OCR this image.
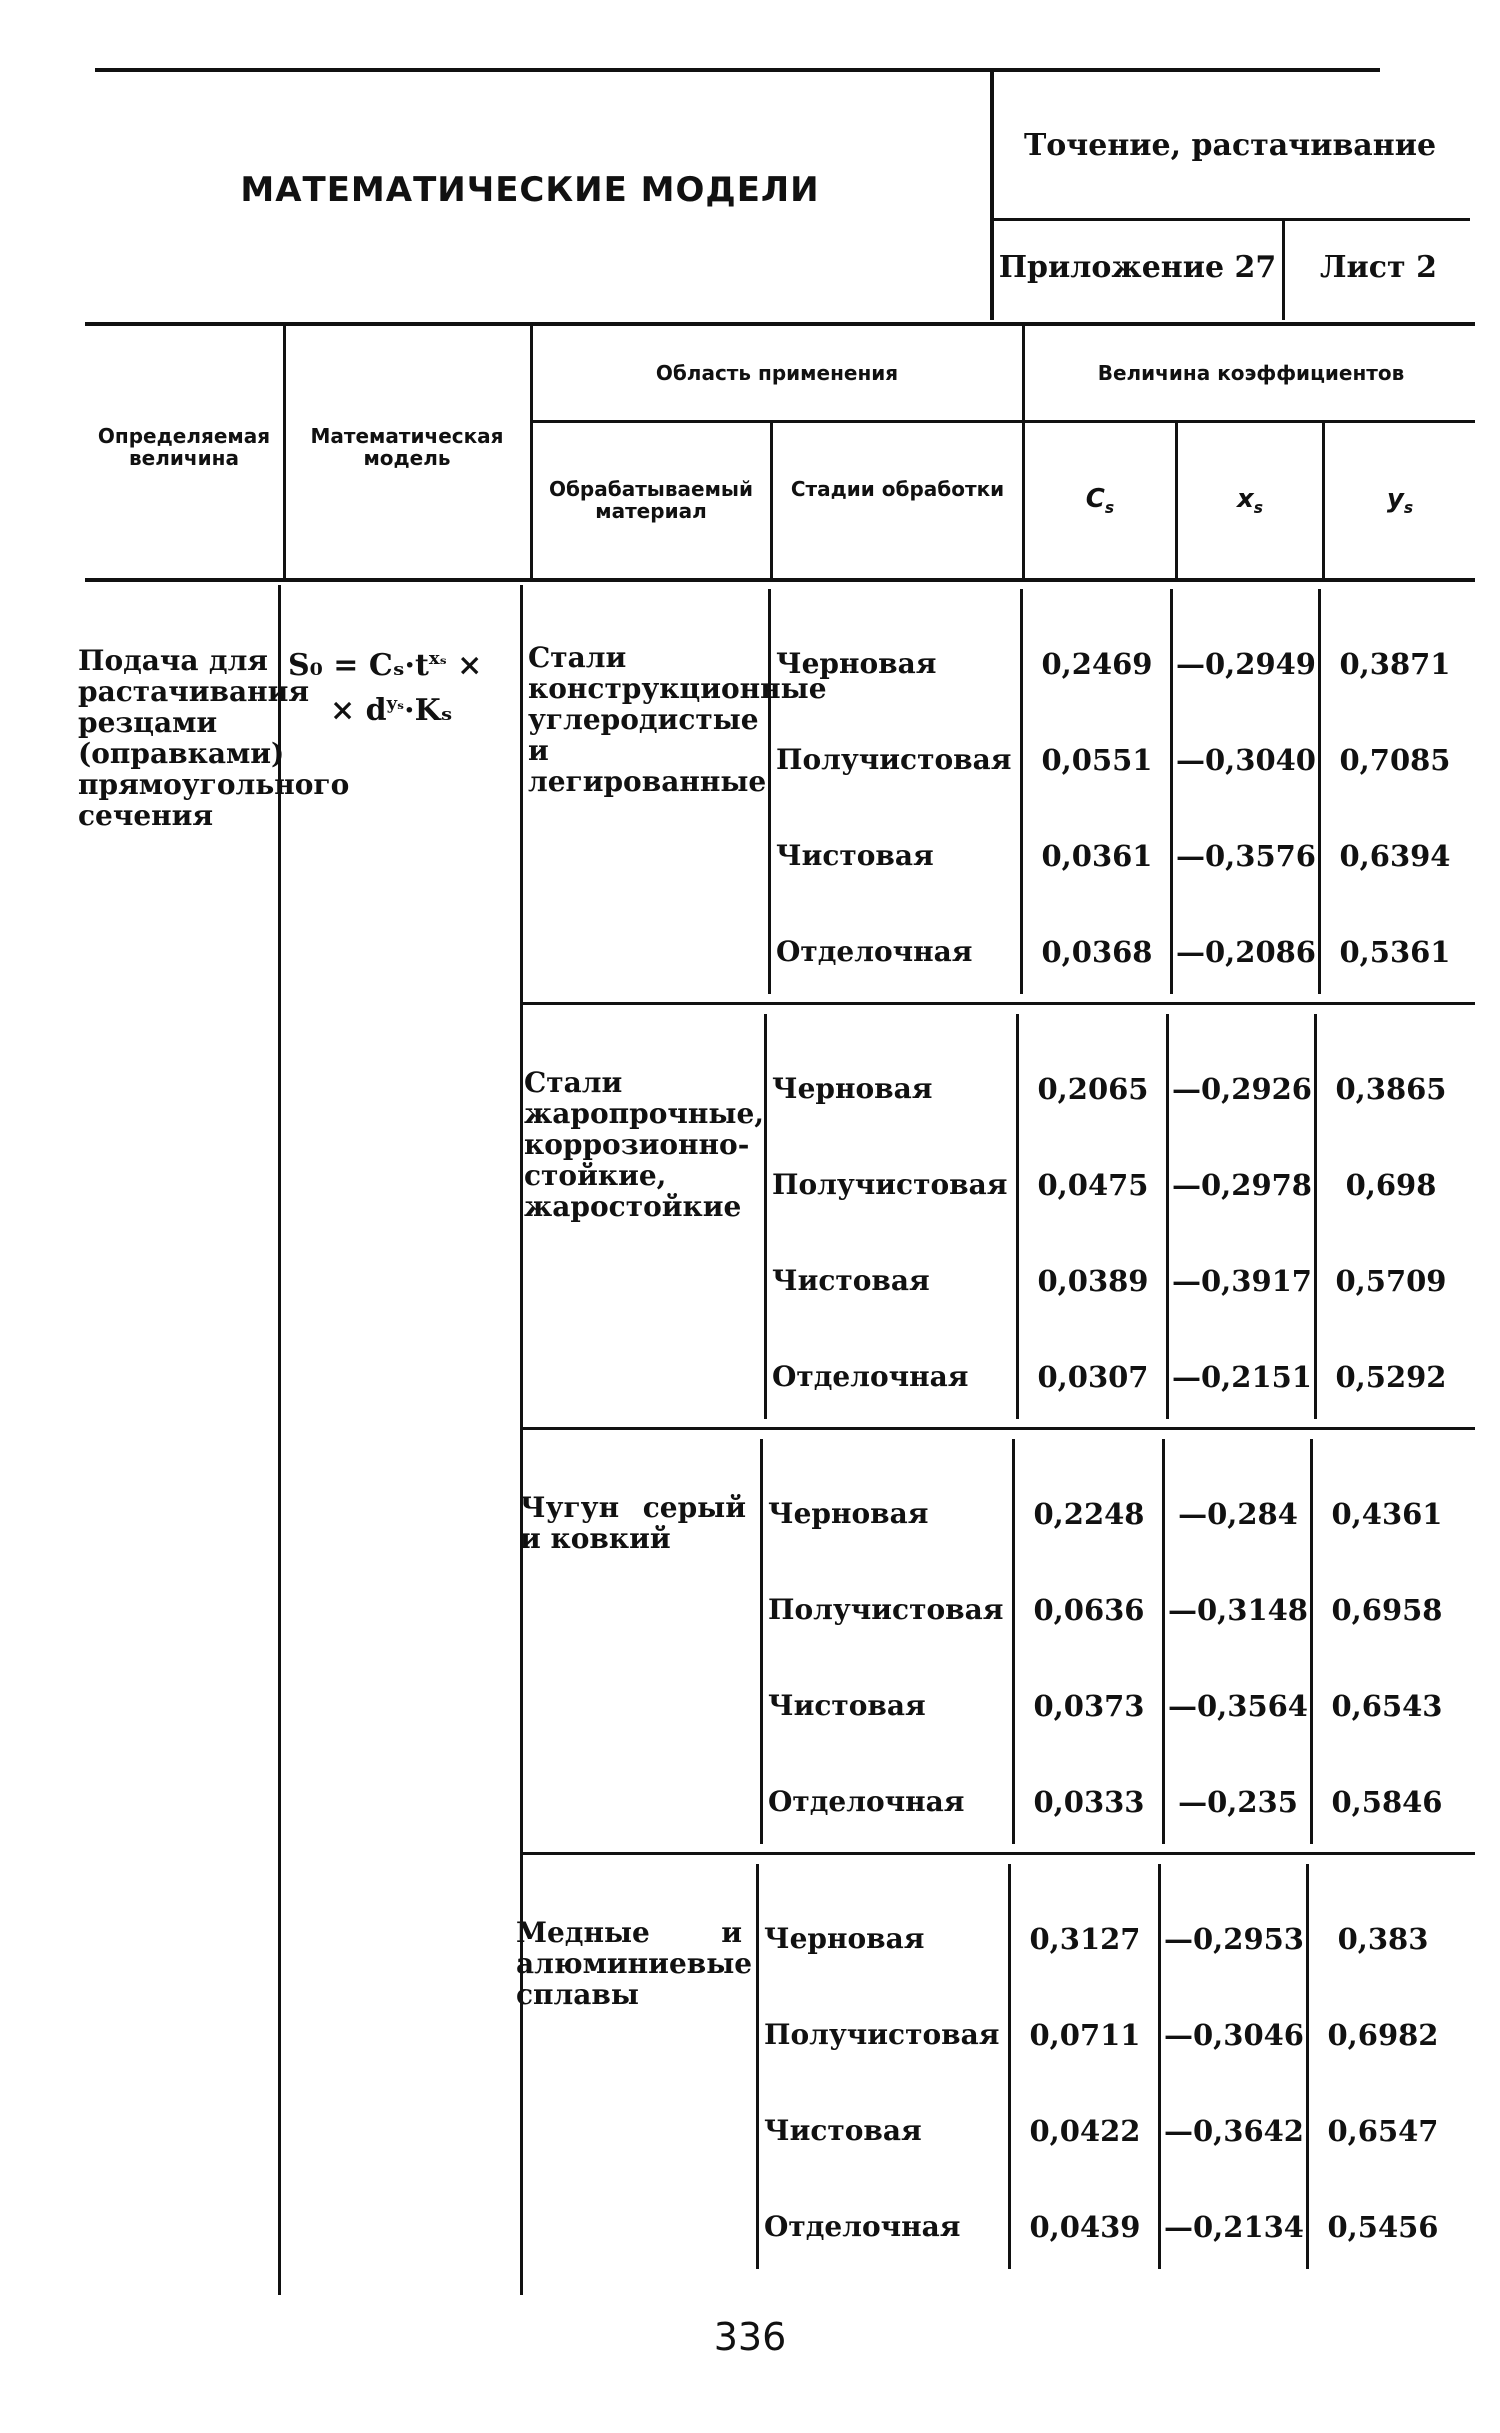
МАТЕМАТИЧЕСКИЕ МОДЕЛИ
Точение, растачивание
Приложение 27	Лист 2
Определяемая величина
Математическая модель
Область применения	Величина коэффициентов
Обрабатываемый материал
Стадии обработки	$C_s$	$x_s$	$y_s$
Подача для растачивания резцами (оправками) прямоугольного сечения
$S_0 = C_s\cdot t^{x_s}$ ×
× $d^{y_s}\cdot K_s$
Стали конструкционные углеродистые и легированные
Черновая	0,2469 —0,2949 0,3871
Получистовая	0,0551 —0,3040 0,7085
Чистовая	0,0361 —0,3576 0,6394
Отделочная	0,0368 —0,2086 0,5361
Стали жаропрочные, коррозионно-стойкие, жаростойкие
Черновая	0,2065 —0,2926 0,3865
Получистовая	0,0475 —0,2978	0,698
Чистовая	0,0389 —0,3917 0,5709
Отделочная	0,0307 —0,2151 0,5292
Чугун серый и ковкий
Черновая	0,2248	—0,284	0,4361
Получистовая	0,0636 —0,3148 0,6958
Чистовая	0,0373 —0,3564 0,6543
Отделочная	0,0333	—0,235	0,5846
Медные и алюминиевые сплавы
Черновая	0,3127 —0,2953	0,383
Получистовая	0,0711 —0,3046 0,6982
Чистовая	0,0422 —0,3642 0,6547
Отделочная	0,0439 —0,2134 0,5456
336
